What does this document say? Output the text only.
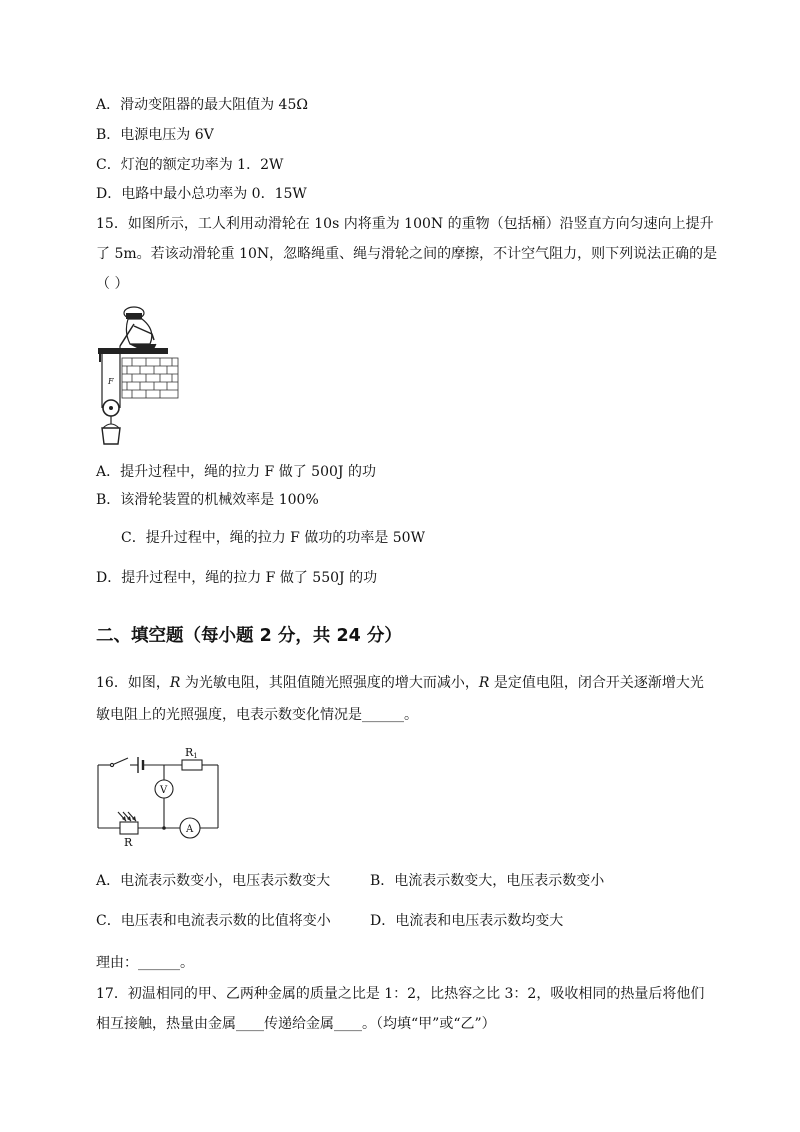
A．滑动变阻器的最大阻值为 45Ω
B．电源电压为 6V
C．灯泡的额定功率为 1．2W
D．电路中最小总功率为 0．15W
15．如图所示，工人利用动滑轮在 10s 内将重为 100N 的重物（包括桶）沿竖直方向匀速向上提升
了 5m。若该动滑轮重 10N，忽略绳重、绳与滑轮之间的摩擦，不计空气阻力，则下列说法正确的是
（ ）
F
A．提升过程中，绳的拉力 F 做了 500J 的功
B．该滑轮装置的机械效率是 100%
C．提升过程中，绳的拉力 F 做功的功率是 50W
D．提升过程中，绳的拉力 F 做了 550J 的功
二、填空题（每小题 2 分，共 24 分）
16．如图，R 为光敏电阻，其阻值随光照强度的增大而减小，R 是定值电阻，闭合开关逐渐增大光
敏电阻上的光照强度，电表示数变化情况是______。
R1
V
A
R
A．电流表示数变小，电压表示数变大	B．电流表示数变大，电压表示数变小
C．电压表和电流表示数的比值将变小	D．电流表和电压表示数均变大
理由：______。
17．初温相同的甲、乙两种金属的质量之比是 1：2，比热容之比 3：2，吸收相同的热量后将他们
相互接触，热量由金属____传递给金属____。（均填“甲”或“乙”）
